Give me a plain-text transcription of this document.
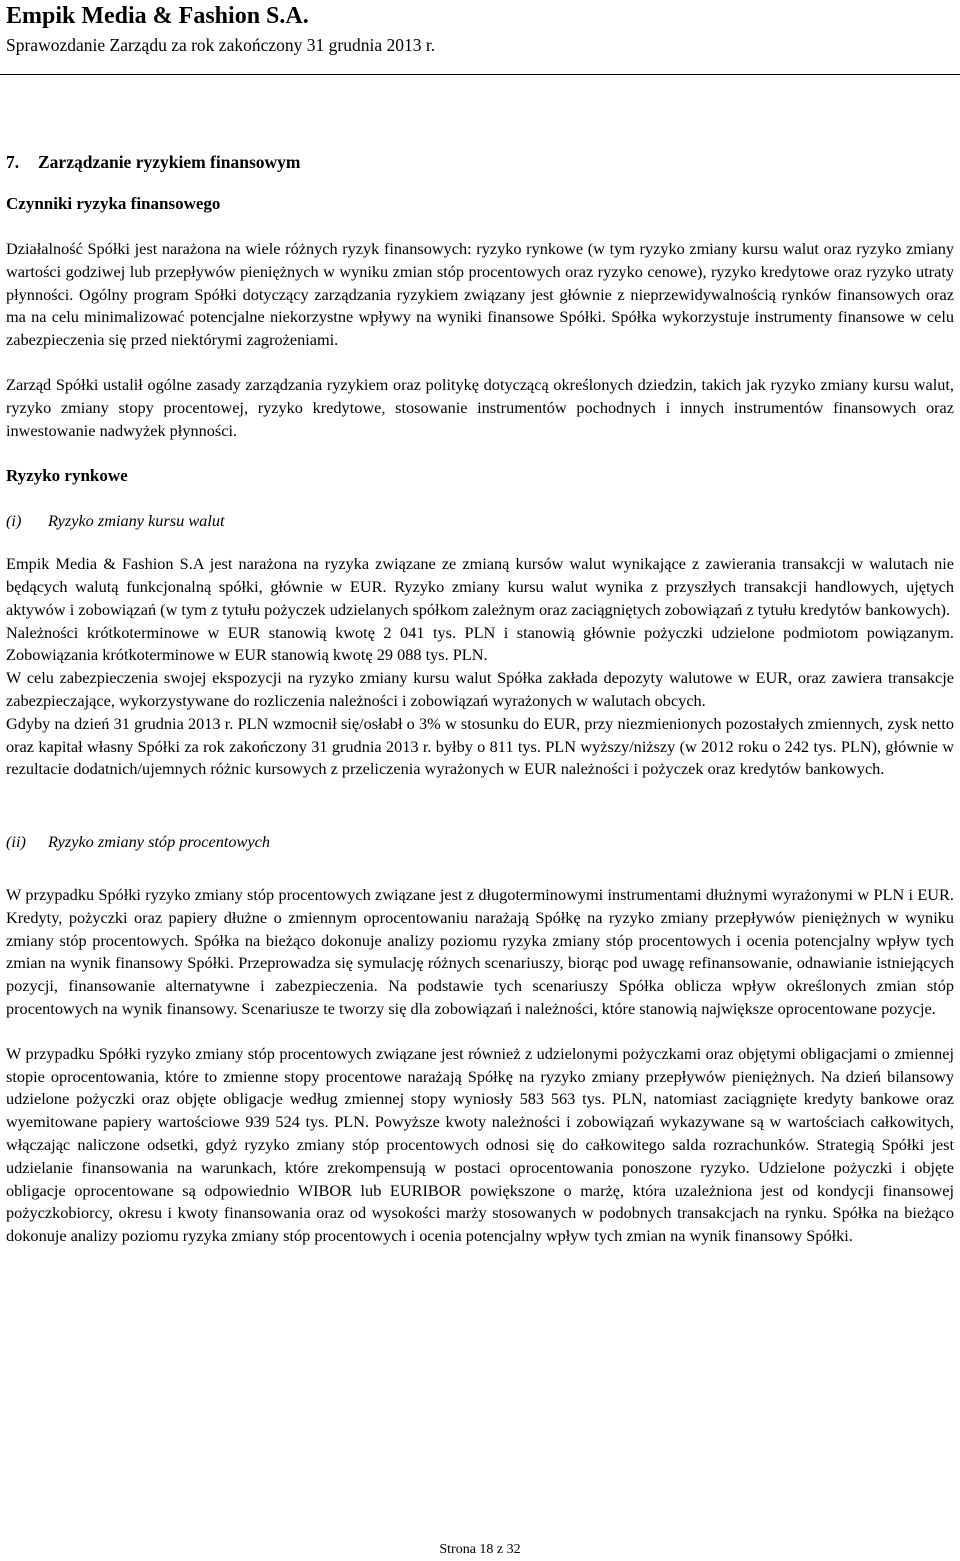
Empik Media & Fashion S.A.
Sprawozdanie Zarządu za rok zakończony 31 grudnia 2013 r.
7. Zarządzanie ryzykiem finansowym
Czynniki ryzyka finansowego

Działalność Spółki jest narażona na wiele różnych ryzyk finansowych: ryzyko rynkowe (w tym ryzyko zmiany kursu walut oraz ryzyko zmiany wartości godziwej lub przepływów pieniężnych w wyniku zmian stóp procentowych oraz ryzyko cenowe), ryzyko kredytowe oraz ryzyko utraty płynności. Ogólny program Spółki dotyczący zarządzania ryzykiem związany jest głównie z nieprzewidywalnością rynków finansowych oraz ma na celu minimalizować potencjalne niekorzystne wpływy na wyniki finansowe Spółki. Spółka wykorzystuje instrumenty finansowe w celu zabezpieczenia się przed niektórymi zagrożeniami.

Zarząd Spółki ustalił ogólne zasady zarządzania ryzykiem oraz politykę dotyczącą określonych dziedzin, takich jak ryzyko zmiany kursu walut, ryzyko zmiany stopy procentowej, ryzyko kredytowe, stosowanie instrumentów pochodnych i innych instrumentów finansowych oraz inwestowanie nadwyżek płynności.

Ryzyko rynkowe
(i) Ryzyko zmiany kursu walut

Empik Media & Fashion S.A jest narażona na ryzyka związane ze zmianą kursów walut wynikające z zawierania transakcji w walutach nie będących walutą funkcjonalną spółki, głównie w EUR. Ryzyko zmiany kursu walut wynika z przyszłych transakcji handlowych, ujętych aktywów i zobowiązań (w tym z tytułu pożyczek udzielanych spółkom zależnym oraz zaciągniętych zobowiązań z tytułu kredytów bankowych).

Należności krótkoterminowe w EUR stanowią kwotę 2 041 tys. PLN i stanowią głównie pożyczki udzielone podmiotom powiązanym. Zobowiązania krótkoterminowe w EUR stanowią kwotę 29 088 tys. PLN.

W celu zabezpieczenia swojej ekspozycji na ryzyko zmiany kursu walut Spółka zakłada depozyty walutowe w EUR, oraz zawiera transakcje zabezpieczające, wykorzystywane do rozliczenia należności i zobowiązań wyrażonych w walutach obcych.

Gdyby na dzień 31 grudnia 2013 r. PLN wzmocnił się/osłabł o 3% w stosunku do EUR, przy niezmienionych pozostałych zmiennych, zysk netto oraz kapitał własny Spółki za rok zakończony 31 grudnia 2013 r. byłby o 811 tys. PLN wyższy/niższy (w 2012 roku o 242 tys. PLN), głównie w rezultacie dodatnich/ujemnych różnic kursowych z przeliczenia wyrażonych w EUR należności i pożyczek oraz kredytów bankowych.

(ii) Ryzyko zmiany stóp procentowych

W przypadku Spółki ryzyko zmiany stóp procentowych związane jest z długoterminowymi instrumentami dłużnymi wyrażonymi w PLN i EUR. Kredyty, pożyczki oraz papiery dłużne o zmiennym oprocentowaniu narażają Spółkę na ryzyko zmiany przepływów pieniężnych w wyniku zmiany stóp procentowych. Spółka na bieżąco dokonuje analizy poziomu ryzyka zmiany stóp procentowych i ocenia potencjalny wpływ tych zmian na wynik finansowy Spółki. Przeprowadza się symulację różnych scenariuszy, biorąc pod uwagę refinansowanie, odnawianie istniejących pozycji, finansowanie alternatywne i zabezpieczenia. Na podstawie tych scenariuszy Spółka oblicza wpływ określonych zmian stóp procentowych na wynik finansowy. Scenariusze te tworzy się dla zobowiązań i należności, które stanowią największe oprocentowane pozycje.

W przypadku Spółki ryzyko zmiany stóp procentowych związane jest również z udzielonymi pożyczkami oraz objętymi obligacjami o zmiennej stopie oprocentowania, które to zmienne stopy procentowe narażają Spółkę na ryzyko zmiany przepływów pieniężnych. Na dzień bilansowy udzielone pożyczki oraz objęte obligacje według zmiennej stopy wyniosły 583 563 tys. PLN, natomiast zaciągnięte kredyty bankowe oraz wyemitowane papiery wartościowe 939 524 tys. PLN. Powyższe kwoty należności i zobowiązań wykazywane są w wartościach całkowitych, włączając naliczone odsetki, gdyż ryzyko zmiany stóp procentowych odnosi się do całkowitego salda rozrachunków. Strategią Spółki jest udzielanie finansowania na warunkach, które zrekompensują w postaci oprocentowania ponoszone ryzyko. Udzielone pożyczki i objęte obligacje oprocentowane są odpowiednio WIBOR lub EURIBOR powiększone o marżę, która uzależniona jest od kondycji finansowej pożyczkobiorcy, okresu i kwoty finansowania oraz od wysokości marży stosowanych w podobnych transakcjach na rynku. Spółka na bieżąco dokonuje analizy poziomu ryzyka zmiany stóp procentowych i ocenia potencjalny wpływ tych zmian na wynik finansowy Spółki.

Strona 18 z 32
